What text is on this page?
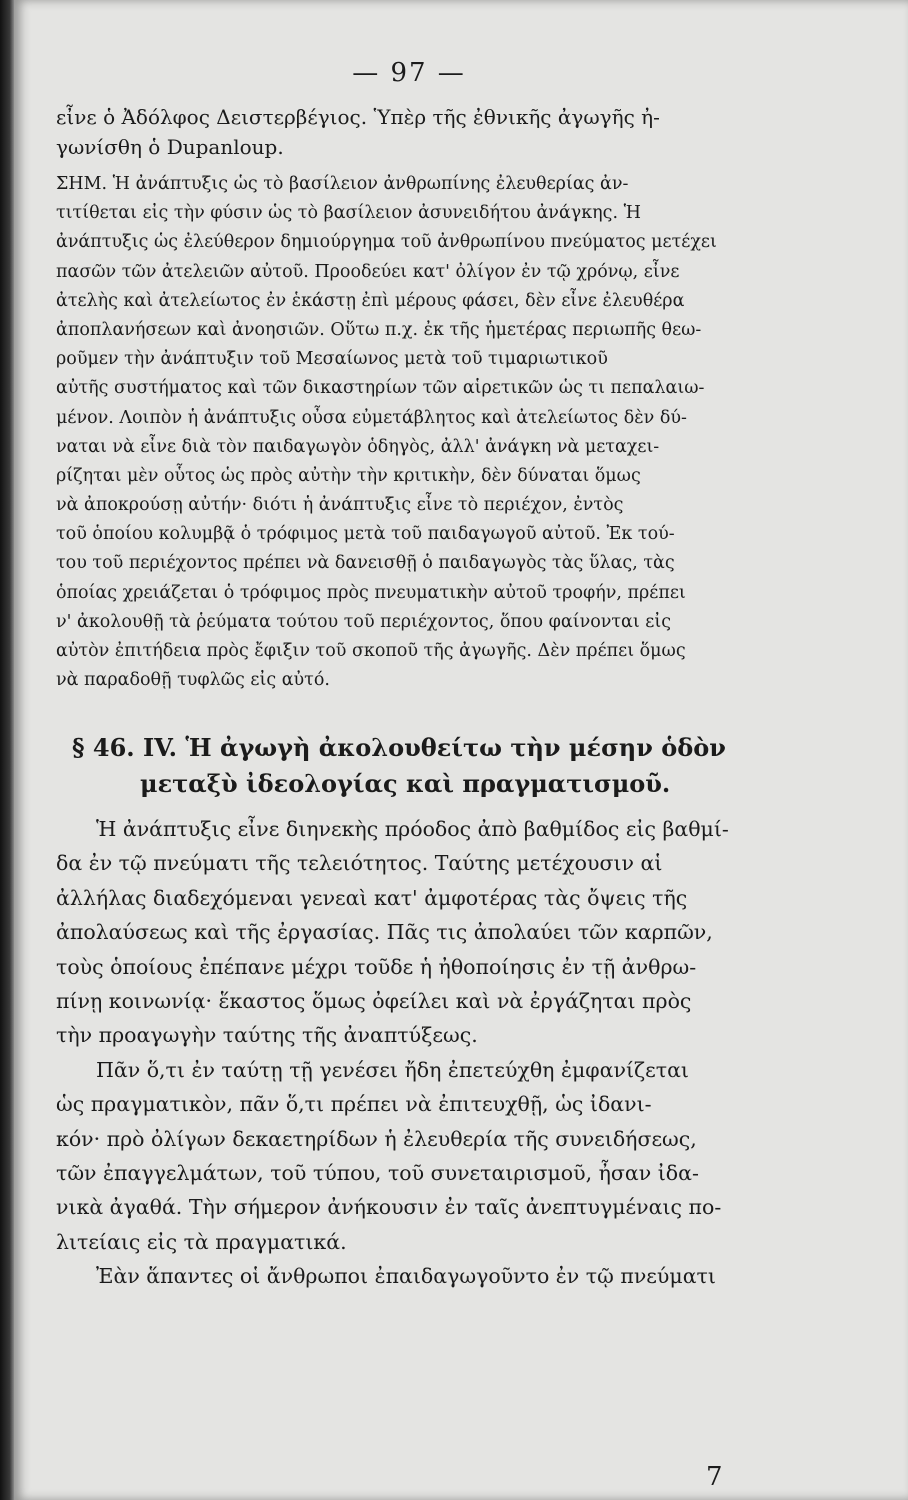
— 97 —
εἶνε ὁ Ἀδόλφος Δειστερβέγιος. Ὑπὲρ τῆς ἐθνικῆς ἀγωγῆς ἠ-
γωνίσθη ὁ Dupanloup.
ΣΗΜ. Ἡ ἀνάπτυξις ὡς τὸ βασίλειον ἀνθρωπίνης ἐλευθερίας ἀν-
τιτίθεται εἰς τὴν φύσιν ὡς τὸ βασίλειον ἀσυνειδήτου ἀνάγκης. Ἡ
ἀνάπτυξις ὡς ἐλεύθερον δημιούργημα τοῦ ἀνθρωπίνου πνεύματος μετέχει
πασῶν τῶν ἀτελειῶν αὐτοῦ. Προοδεύει κατ' ὀλίγον ἐν τῷ χρόνῳ, εἶνε
ἀτελὴς καὶ ἀτελείωτος ἐν ἑκάστῃ ἐπὶ μέρους φάσει, δὲν εἶνε ἐλευθέρα
ἀποπλανήσεων καὶ ἀνοησιῶν. Οὕτω π.χ. ἐκ τῆς ἡμετέρας περιωπῆς θεω-
ροῦμεν τὴν ἀνάπτυξιν τοῦ Μεσαίωνος μετὰ τοῦ τιμαριωτικοῦ
αὐτῆς συστήματος καὶ τῶν δικαστηρίων τῶν αἱρετικῶν ὡς τι πεπαλαιω-
μένον. Λοιπὸν ἡ ἀνάπτυξις οὖσα εὐμετάβλητος καὶ ἀτελείωτος δὲν δύ-
ναται νὰ εἶνε διὰ τὸν παιδαγωγὸν ὁδηγὸς, ἀλλ' ἀνάγκη νὰ μεταχει-
ρίζηται μὲν οὗτος ὡς πρὸς αὐτὴν τὴν κριτικὴν, δὲν δύναται ὅμως
νὰ ἀποκρούσῃ αὐτήν· διότι ἡ ἀνάπτυξις εἶνε τὸ περιέχον, ἐντὸς
τοῦ ὁποίου κολυμβᾷ ὁ τρόφιμος μετὰ τοῦ παιδαγωγοῦ αὐτοῦ. Ἐκ τού-
του τοῦ περιέχοντος πρέπει νὰ δανεισθῇ ὁ παιδαγωγὸς τὰς ὕλας, τὰς
ὁποίας χρειάζεται ὁ τρόφιμος πρὸς πνευματικὴν αὐτοῦ τροφήν, πρέπει
ν' ἀκολουθῇ τὰ ῥεύματα τούτου τοῦ περιέχοντος, ὅπου φαίνονται εἰς
αὐτὸν ἐπιτήδεια πρὸς ἔφιξιν τοῦ σκοποῦ τῆς ἀγωγῆς. Δὲν πρέπει ὅμως
νὰ παραδοθῇ τυφλῶς εἰς αὐτό.
§ 46. IV. Ἡ ἀγωγὴ ἀκολουθείτω τὴν μέσην ὁδὸν
μεταξὺ ἰδεολογίας καὶ πραγματισμοῦ.
Ἡ ἀνάπτυξις εἶνε διηνεκὴς πρόοδος ἀπὸ βαθμίδος εἰς βαθμί-
δα ἐν τῷ πνεύματι τῆς τελειότητος. Ταύτης μετέχουσιν αἱ
ἀλλήλας διαδεχόμεναι γενεαὶ κατ' ἀμφοτέρας τὰς ὄψεις τῆς
ἀπολαύσεως καὶ τῆς ἐργασίας. Πᾶς τις ἀπολαύει τῶν καρπῶν,
τοὺς ὁποίους ἐπέπανε μέχρι τοῦδε ἡ ἠθοποίησις ἐν τῇ ἀνθρω-
πίνῃ κοινωνίᾳ· ἕκαστος ὅμως ὀφείλει καὶ νὰ ἐργάζηται πρὸς
τὴν προαγωγὴν ταύτης τῆς ἀναπτύξεως.
Πᾶν ὅ,τι ἐν ταύτῃ τῇ γενέσει ἤδη ἐπετεύχθη ἐμφανίζεται
ὡς πραγματικὸν, πᾶν ὅ,τι πρέπει νὰ ἐπιτευχθῇ, ὡς ἰδανι-
κόν· πρὸ ὀλίγων δεκαετηρίδων ἡ ἐλευθερία τῆς συνειδήσεως,
τῶν ἐπαγγελμάτων, τοῦ τύπου, τοῦ συνεταιρισμοῦ, ἦσαν ἰδα-
νικὰ ἀγαθά. Τὴν σήμερον ἀνήκουσιν ἐν ταῖς ἀνεπτυγμέναις πο-
λιτείαις εἰς τὰ πραγματικά.
Ἐὰν ἅπαντες οἱ ἄνθρωποι ἐπαιδαγωγοῦντο ἐν τῷ πνεύματι
7
